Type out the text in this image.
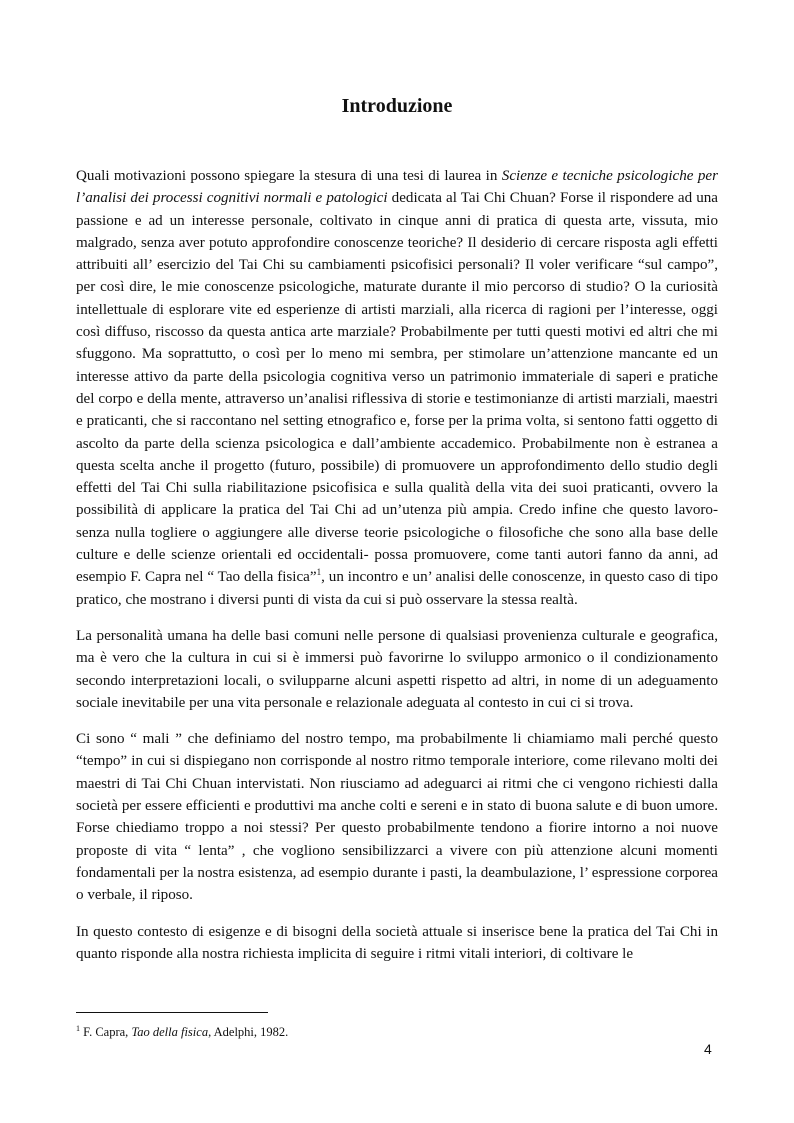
Introduzione

Quali motivazioni possono spiegare la stesura di una tesi di laurea in Scienze e tecniche psicologiche per l’analisi dei processi cognitivi normali e patologici dedicata al Tai Chi Chuan? Forse il rispondere ad una passione e ad un interesse personale, coltivato in cinque anni di pratica di questa arte, vissuta, mio malgrado, senza aver potuto approfondire conoscenze teoriche? Il desiderio di cercare risposta agli effetti attribuiti all’ esercizio del Tai Chi su cambiamenti psicofisici personali? Il voler verificare “sul campo”, per così dire, le mie conoscenze psicologiche, maturate durante il mio percorso di studio? O la curiosità intellettuale di esplorare vite ed esperienze di artisti marziali, alla ricerca di ragioni per l’interesse, oggi così diffuso, riscosso da questa antica arte marziale? Probabilmente per tutti questi motivi ed altri che mi sfuggono. Ma soprattutto, o così per lo meno mi sembra, per stimolare un’attenzione mancante ed un interesse attivo da parte della psicologia cognitiva verso un patrimonio immateriale di saperi e pratiche del corpo e della mente, attraverso un’analisi riflessiva di storie e testimonianze di artisti marziali, maestri e praticanti, che si raccontano nel setting etnografico e, forse per la prima volta, si sentono fatti oggetto di ascolto da parte della scienza psicologica e dall’ambiente accademico. Probabilmente non è estranea a questa scelta anche il progetto (futuro, possibile) di promuovere un approfondimento dello studio degli effetti del Tai Chi sulla riabilitazione psicofisica e sulla qualità della vita dei suoi praticanti, ovvero la possibilità di applicare la pratica del Tai Chi ad un’utenza più ampia. Credo infine che questo lavoro- senza nulla togliere o aggiungere alle diverse teorie psicologiche o filosofiche che sono alla base delle culture e delle scienze orientali ed occidentali- possa promuovere, come tanti autori fanno da anni, ad esempio F. Capra nel “ Tao della fisica”$^1$, un incontro e un’ analisi delle conoscenze, in questo caso di tipo pratico, che mostrano i diversi punti di vista da cui si può osservare la stessa realtà.

La personalità umana ha delle basi comuni nelle persone di qualsiasi provenienza culturale e geografica, ma è vero che la cultura in cui si è immersi può favorirne lo sviluppo armonico o il condizionamento secondo interpretazioni locali, o svilupparne alcuni aspetti rispetto ad altri, in nome di un adeguamento sociale inevitabile per una vita personale e relazionale adeguata al contesto in cui ci si trova.

Ci sono “ mali ” che definiamo del nostro tempo, ma probabilmente li chiamiamo mali perché questo “tempo” in cui si dispiegano non corrisponde al nostro ritmo temporale interiore, come rilevano molti dei maestri di Tai Chi Chuan intervistati. Non riusciamo ad adeguarci ai ritmi che ci vengono richiesti dalla società per essere efficienti e produttivi ma anche colti e sereni e in stato di buona salute e di buon umore. Forse chiediamo troppo a noi stessi? Per questo probabilmente tendono a fiorire intorno a noi nuove proposte di vita “ lenta” , che vogliono sensibilizzarci a vivere con più attenzione alcuni momenti fondamentali per la nostra esistenza, ad esempio durante i pasti, la deambulazione, l’ espressione corporea o verbale, il riposo.

In questo contesto di esigenze e di bisogni della società attuale si inserisce bene la pratica del Tai Chi in quanto risponde alla nostra richiesta implicita di seguire i ritmi vitali interiori, di coltivare le

$^1$ F. Capra, Tao della fisica, Adelphi, 1982.

4
